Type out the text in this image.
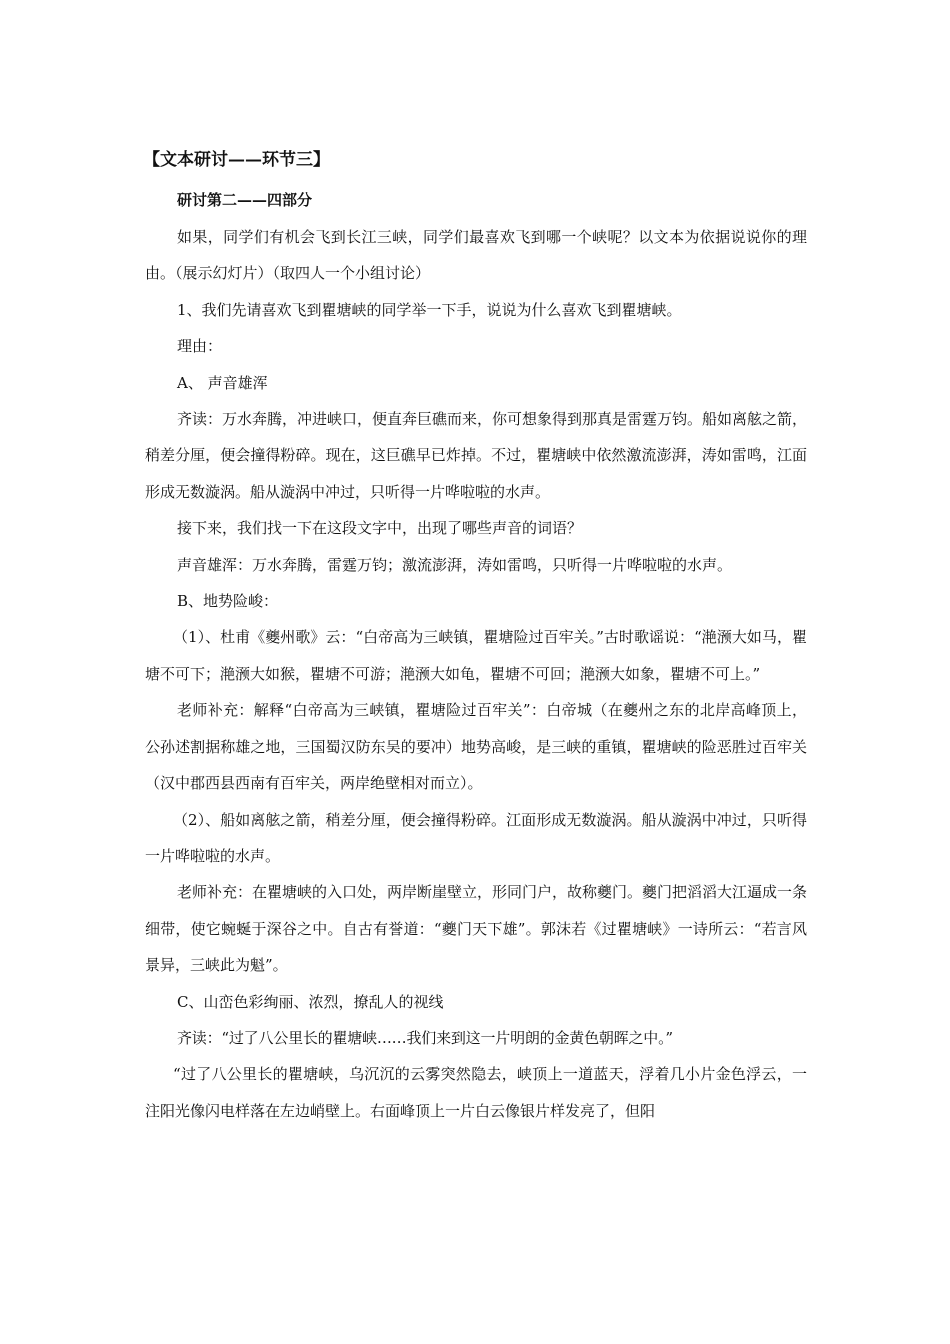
【文本研讨——环节三】
研讨第二——四部分

如果，同学们有机会飞到长江三峡，同学们最喜欢飞到哪一个峡呢？以文本为依据说说你的理由。（展示幻灯片）（取四人一个小组讨论）

1、我们先请喜欢飞到瞿塘峡的同学举一下手，说说为什么喜欢飞到瞿塘峡。

理由：

A、 声音雄浑

齐读：万水奔腾，冲进峡口，便直奔巨礁而来，你可想象得到那真是雷霆万钧。船如离舷之箭，稍差分厘，便会撞得粉碎。现在，这巨礁早已炸掉。不过，瞿塘峡中依然激流澎湃，涛如雷鸣，江面形成无数漩涡。船从漩涡中冲过，只听得一片哗啦啦的水声。

接下来，我们找一下在这段文字中，出现了哪些声音的词语？

声音雄浑：万水奔腾，雷霆万钧；激流澎湃，涛如雷鸣，只听得一片哗啦啦的水声。

B、地势险峻：

（1）、杜甫《夔州歌》云：“白帝高为三峡镇，瞿塘险过百牢关。”古时歌谣说：“滟滪大如马，瞿塘不可下；滟滪大如猴，瞿塘不可游；滟滪大如龟，瞿塘不可回；滟滪大如象，瞿塘不可上。”

老师补充：解释“白帝高为三峡镇，瞿塘险过百牢关”：白帝城（在夔州之东的北岸高峰顶上，公孙述割据称雄之地，三国蜀汉防东吴的要冲）地势高峻，是三峡的重镇，瞿塘峡的险恶胜过百牢关（汉中郡西县西南有百牢关，两岸绝壁相对而立）。

（2）、船如离舷之箭，稍差分厘，便会撞得粉碎。江面形成无数漩涡。船从漩涡中冲过，只听得一片哗啦啦的水声。

老师补充：在瞿塘峡的入口处，两岸断崖壁立，形同门户，故称夔门。夔门把滔滔大江逼成一条细带，使它蜿蜒于深谷之中。自古有誉道：“夔门天下雄”。郭沫若《过瞿塘峡》一诗所云：“若言风景异，三峡此为魁”。

C、山峦色彩绚丽、浓烈，撩乱人的视线

齐读：“过了八公里长的瞿塘峡……我们来到这一片明朗的金黄色朝晖之中。”

“过了八公里长的瞿塘峡，乌沉沉的云雾突然隐去，峡顶上一道蓝天，浮着几小片金色浮云，一注阳光像闪电样落在左边峭壁上。右面峰顶上一片白云像银片样发亮了，但阳
